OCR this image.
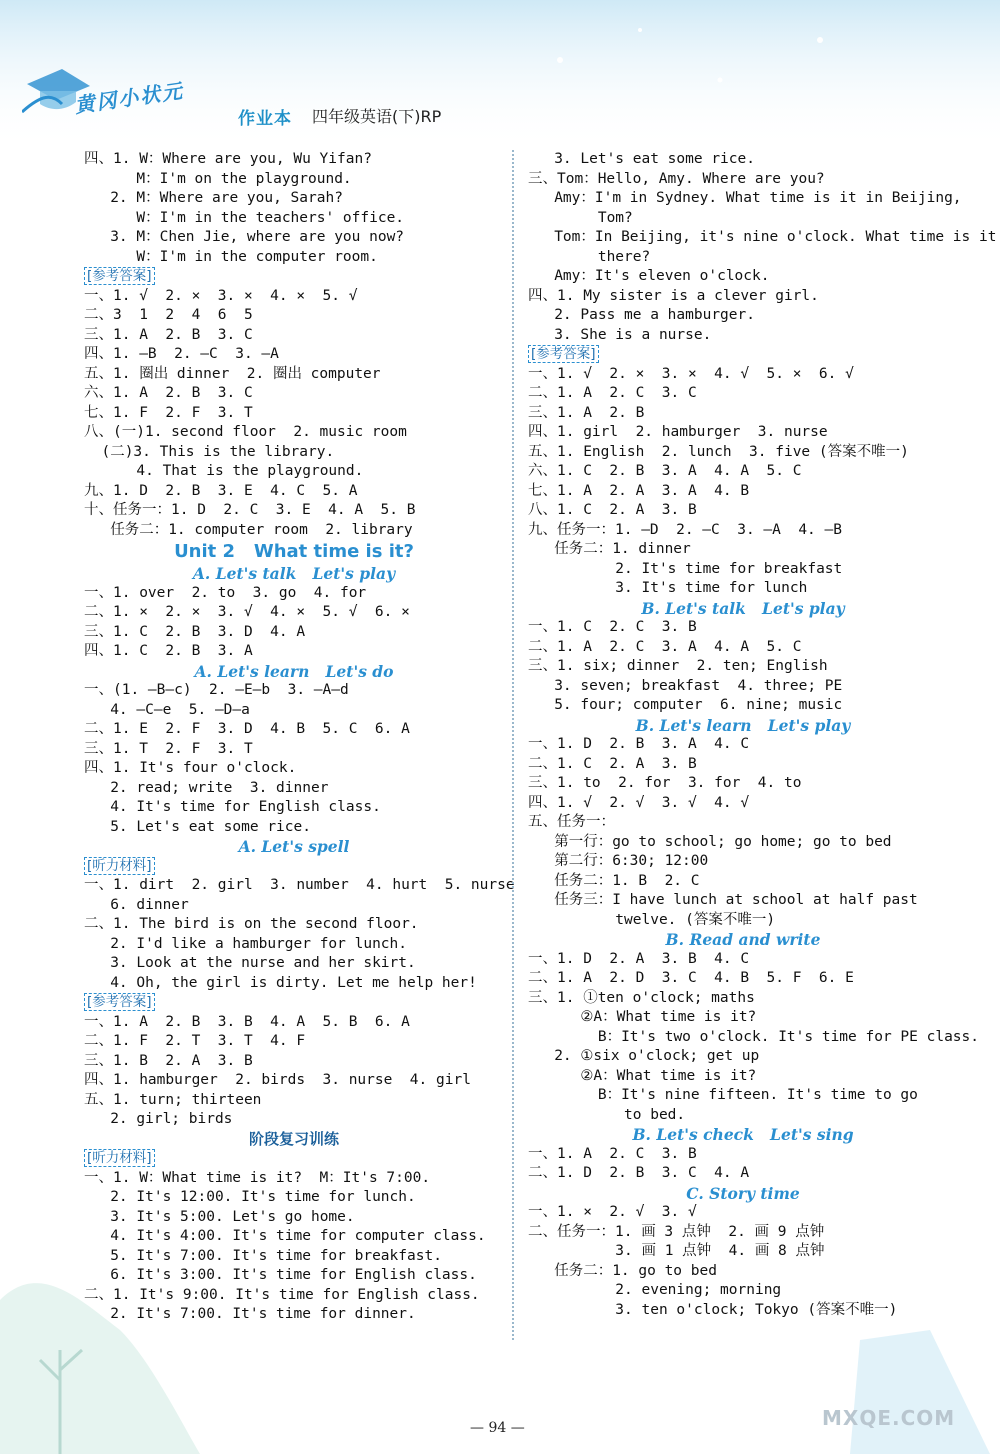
黄冈小状元
作业本 四年级英语(下)RP
四、1. W：Where are you, Wu Yifan?
M：I'm on the playground.
2. M：Where are you, Sarah?
W：I'm in the teachers' office.
3. M：Chen Jie, where are you now?
W：I'm in the computer room.
[参考答案]
一、1. √  2. ×  3. ×  4. ×  5. √
二、3  1  2  4  6  5
三、1. A  2. B  3. C
四、1. —B  2. —C  3. —A
五、1. 圈出 dinner  2. 圈出 computer
六、1. A  2. B  3. C
七、1. F  2. F  3. T
八、(一)1. second floor  2. music room
(二)3. This is the library.
4. That is the playground.
九、1. D  2. B  3. E  4. C  5. A
十、任务一：1. D  2. C  3. E  4. A  5. B
任务二：1. computer room  2. library
Unit 2   What time is it?
A. Let's talk   Let's play
一、1. over  2. to  3. go  4. for
二、1. ×  2. ×  3. √  4. ×  5. √  6. ×
三、1. C  2. B  3. D  4. A
四、1. C  2. B  3. A
A. Let's learn   Let's do
一、(1. —B—c)  2. —E—b  3. —A—d
4. —C—e  5. —D—a
二、1. E  2. F  3. D  4. B  5. C  6. A
三、1. T  2. F  3. T
四、1. It's four o'clock.
2. read; write  3. dinner
4. It's time for English class.
5. Let's eat some rice.
A. Let's spell
[听力材料]
一、1. dirt  2. girl  3. number  4. hurt  5. nurse
6. dinner
二、1. The bird is on the second floor.
2. I'd like a hamburger for lunch.
3. Look at the nurse and her skirt.
4. Oh, the girl is dirty. Let me help her!
[参考答案]
一、1. A  2. B  3. B  4. A  5. B  6. A
二、1. F  2. T  3. T  4. F
三、1. B  2. A  3. B
四、1. hamburger  2. birds  3. nurse  4. girl
五、1. turn; thirteen
2. girl; birds
阶段复习训练
[听力材料]
一、1. W：What time is it?  M：It's 7:00.
2. It's 12:00. It's time for lunch.
3. It's 5:00. Let's go home.
4. It's 4:00. It's time for computer class.
5. It's 7:00. It's time for breakfast.
6. It's 3:00. It's time for English class.
二、1. It's 9:00. It's time for English class.
2. It's 7:00. It's time for dinner.
3. Let's eat some rice.
三、Tom：Hello, Amy. Where are you?
Amy：I'm in Sydney. What time is it in Beijing,
Tom?
Tom：In Beijing, it's nine o'clock. What time is it
there?
Amy：It's eleven o'clock.
四、1. My sister is a clever girl.
2. Pass me a hamburger.
3. She is a nurse.
[参考答案]
一、1. √  2. ×  3. ×  4. √  5. ×  6. √
二、1. A  2. C  3. C
三、1. A  2. B
四、1. girl  2. hamburger  3. nurse
五、1. English  2. lunch  3. five (答案不唯一)
六、1. C  2. B  3. A  4. A  5. C
七、1. A  2. A  3. A  4. B
八、1. C  2. A  3. B
九、任务一：1. —D  2. —C  3. —A  4. —B
任务二：1. dinner
2. It's time for breakfast
3. It's time for lunch
B. Let's talk   Let's play
一、1. C  2. C  3. B
二、1. A  2. C  3. A  4. A  5. C
三、1. six; dinner  2. ten; English
3. seven; breakfast  4. three; PE
5. four; computer  6. nine; music
B. Let's learn   Let's play
一、1. D  2. B  3. A  4. C
二、1. C  2. A  3. B
三、1. to  2. for  3. for  4. to
四、1. √  2. √  3. √  4. √
五、任务一：
第一行：go to school; go home; go to bed
第二行：6:30; 12:00
任务二：1. B  2. C
任务三：I have lunch at school at half past
twelve. (答案不唯一)
B. Read and write
一、1. D  2. A  3. B  4. C
二、1. A  2. D  3. C  4. B  5. F  6. E
三、1. ①ten o'clock; maths
②A：What time is it?
B：It's two o'clock. It's time for PE class.
2. ①six o'clock; get up
②A：What time is it?
B：It's nine fifteen. It's time to go
to bed.
B. Let's check   Let's sing
一、1. A  2. C  3. B
二、1. D  2. B  3. C  4. A
C. Story time
一、1. ×  2. √  3. √
二、任务一：1. 画 3 点钟  2. 画 9 点钟
3. 画 1 点钟  4. 画 8 点钟
任务二：1. go to bed
2. evening; morning
3. ten o'clock; Tokyo (答案不唯一)
— 94 —	MXQE.COM
